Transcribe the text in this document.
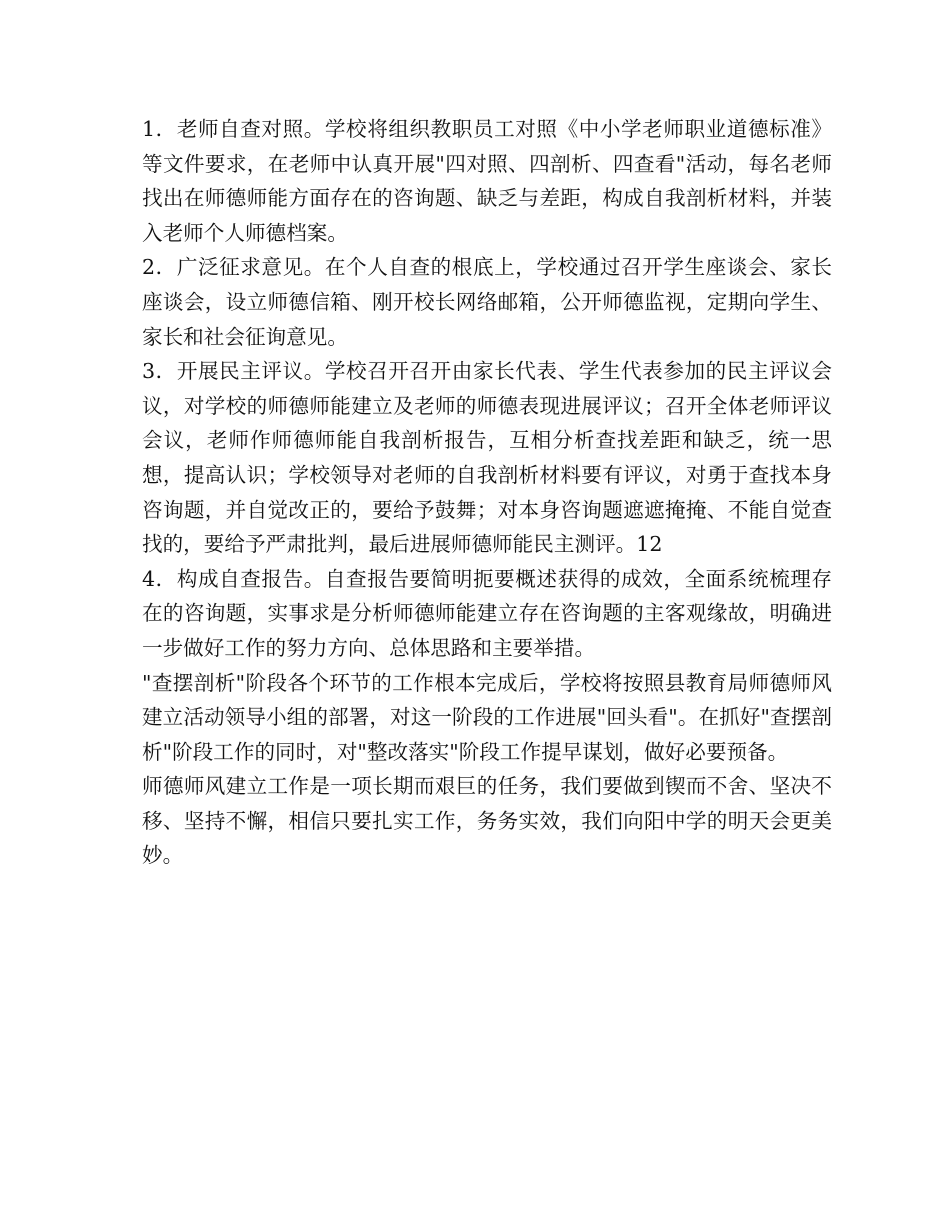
1．老师自查对照。学校将组织教职员工对照《中小学老师职业道德标准》等文件要求，在老师中认真开展"四对照、四剖析、四查看"活动，每名老师找出在师德师能方面存在的咨询题、缺乏与差距，构成自我剖析材料，并装入老师个人师德档案。

2．广泛征求意见。在个人自查的根底上，学校通过召开学生座谈会、家长座谈会，设立师德信箱、刚开校长网络邮箱，公开师德监视，定期向学生、家长和社会征询意见。

3．开展民主评议。学校召开召开由家长代表、学生代表参加的民主评议会议，对学校的师德师能建立及老师的师德表现进展评议；召开全体老师评议会议，老师作师德师能自我剖析报告，互相分析查找差距和缺乏，统一思想，提高认识；学校领导对老师的自我剖析材料要有评议，对勇于查找本身咨询题，并自觉改正的，要给予鼓舞；对本身咨询题遮遮掩掩、不能自觉查找的，要给予严肃批判，最后进展师德师能民主测评。12

4．构成自查报告。自查报告要简明扼要概述获得的成效，全面系统梳理存在的咨询题，实事求是分析师德师能建立存在咨询题的主客观缘故，明确进一步做好工作的努力方向、总体思路和主要举措。

"查摆剖析"阶段各个环节的工作根本完成后，学校将按照县教育局师德师风建立活动领导小组的部署，对这一阶段的工作进展"回头看"。在抓好"查摆剖析"阶段工作的同时，对"整改落实"阶段工作提早谋划，做好必要预备。

师德师风建立工作是一项长期而艰巨的任务，我们要做到锲而不舍、坚决不移、坚持不懈，相信只要扎实工作，务务实效，我们向阳中学的明天会更美妙。
